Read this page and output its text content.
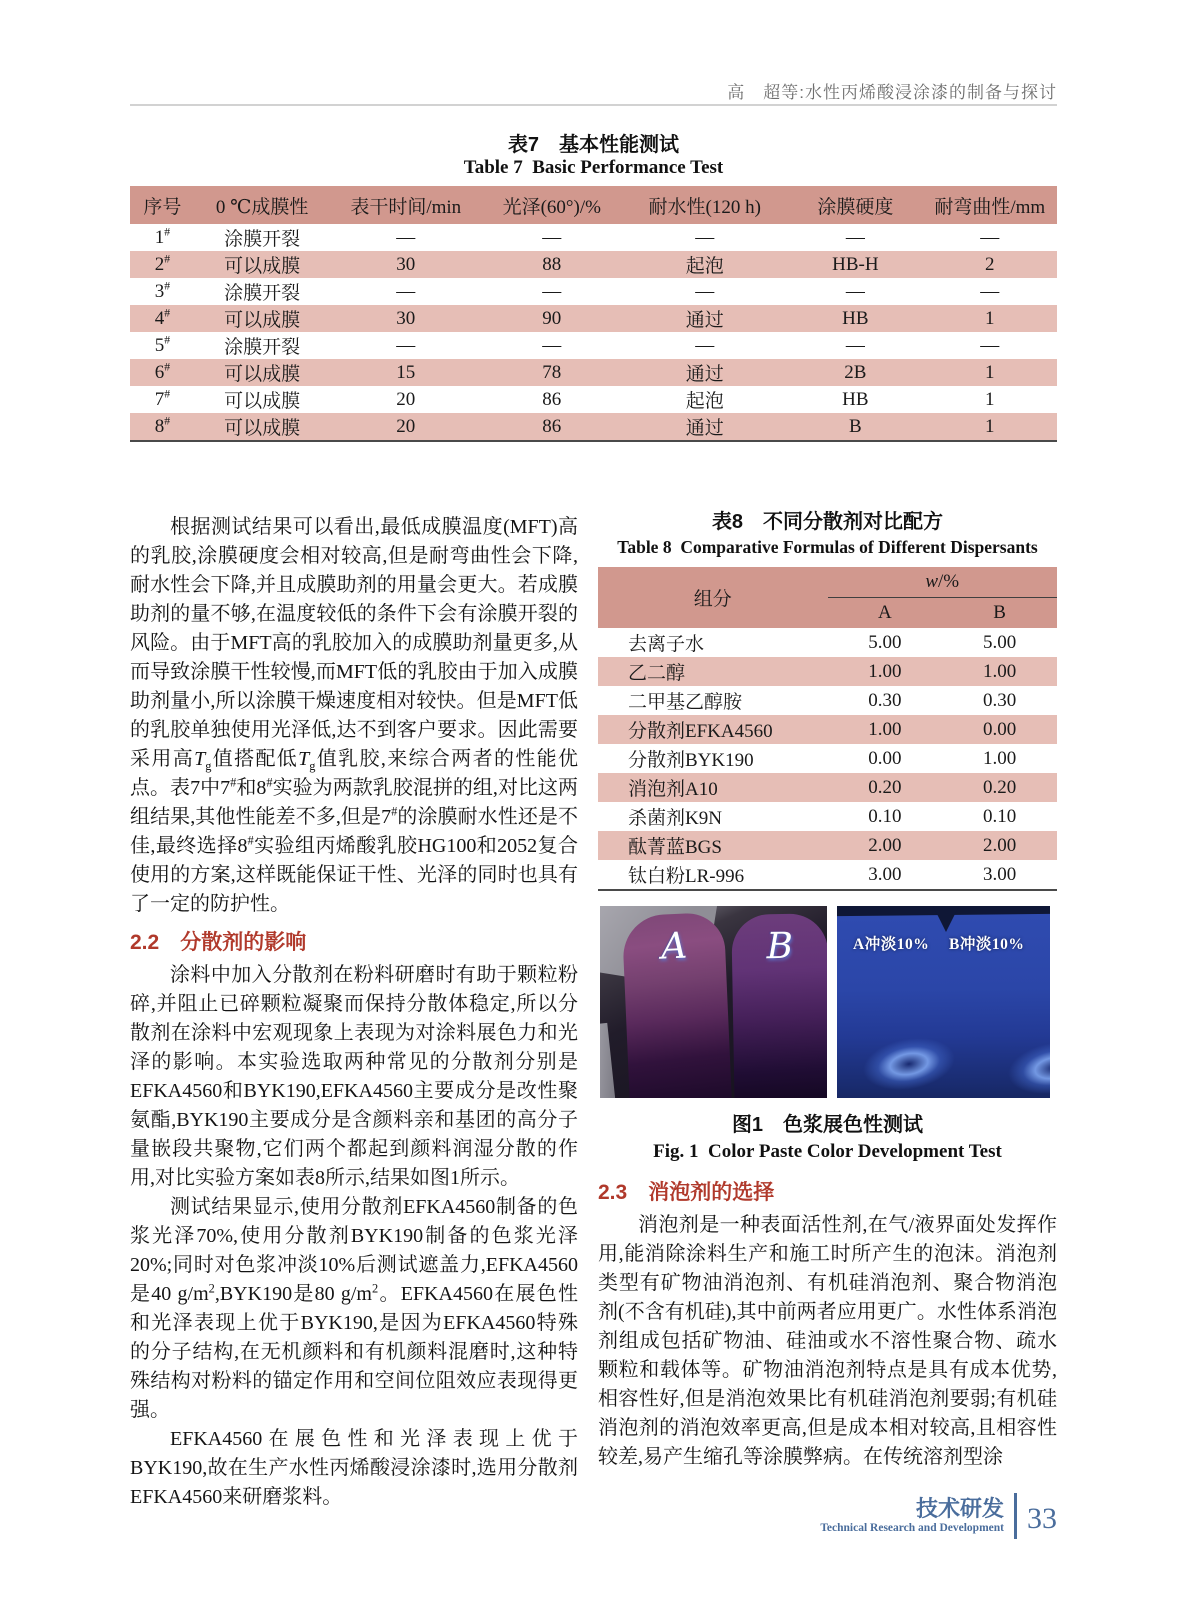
高　超等:水性丙烯酸浸涂漆的制备与探讨
表7　基本性能测试
Table 7  Basic Performance Test
序号	0 ℃成膜性	表干时间/min	光泽(60°)/%	耐水性(120 h)	涂膜硬度	耐弯曲性/mm
1#	涂膜开裂	—	—	—	—	—
2#	可以成膜	30	88	起泡	HB-H	2
3#	涂膜开裂	—	—	—	—	—
4#	可以成膜	30	90	通过	HB	1
5#	涂膜开裂	—	—	—	—	—
6#	可以成膜	15	78	通过	2B	1
7#	可以成膜	20	86	起泡	HB	1
8#	可以成膜	20	86	通过	B	1

根据测试结果可以看出,最低成膜温度(MFT)高的乳胶,涂膜硬度会相对较高,但是耐弯曲性会下降,耐水性会下降,并且成膜助剂的用量会更大。若成膜助剂的量不够,在温度较低的条件下会有涂膜开裂的风险。由于MFT高的乳胶加入的成膜助剂量更多,从而导致涂膜干性较慢,而MFT低的乳胶由于加入成膜助剂量小,所以涂膜干燥速度相对较快。但是MFT低的乳胶单独使用光泽低,达不到客户要求。因此需要采用高$T_g$值搭配低$T_g$值乳胶,来综合两者的性能优点。表7中7#和8#实验为两款乳胶混拼的组,对比这两组结果,其他性能差不多,但是7#的涂膜耐水性还是不佳,最终选择8#实验组丙烯酸乳胶HG100和2052复合使用的方案,这样既能保证干性、光泽的同时也具有了一定的防护性。

2.2　分散剂的影响

涂料中加入分散剂在粉料研磨时有助于颗粒粉碎,并阻止已碎颗粒凝聚而保持分散体稳定,所以分散剂在涂料中宏观现象上表现为对涂料展色力和光泽的影响。本实验选取两种常见的分散剂分别是EFKA4560和BYK190,EFKA4560主要成分是改性聚氨酯,BYK190主要成分是含颜料亲和基团的高分子量嵌段共聚物,它们两个都起到颜料润湿分散的作用,对比实验方案如表8所示,结果如图1所示。

测试结果显示,使用分散剂EFKA4560制备的色浆光泽70%,使用分散剂BYK190制备的色浆光泽20%;同时对色浆冲淡10%后测试遮盖力,EFKA4560是40 $g/m^2,BYK190$是80 $g/m^2$。EFKA4560在展色性和光泽表现上优于BYK190,是因为EFKA4560特殊的分子结构,在无机颜料和有机颜料混磨时,这种特殊结构对粉料的锚定作用和空间位阻效应表现得更强。

EFKA4560在展色性和光泽表现上优于BYK190,故在生产水性丙烯酸浸涂漆时,选用分散剂EFKA4560来研磨浆料。

表8　不同分散剂对比配方
Table 8  Comparative Formulas of Different Dispersants
组分	w/%	
	A	B
去离子水	5.00	5.00
乙二醇	1.00	1.00
二甲基乙醇胺	0.30	0.30
分散剂EFKA4560	1.00	0.00
分散剂BYK190	0.00	1.00
消泡剂A10	0.20	0.20
杀菌剂K9N	0.10	0.10
酞菁蓝BGS	2.00	2.00
钛白粉LR-996	3.00	3.00
A	B	A冲淡10% B冲淡10%
图1　色浆展色性测试
Fig. 1  Color Paste Color Development Test
2.3　消泡剂的选择

消泡剂是一种表面活性剂,在气/液界面处发挥作用,能消除涂料生产和施工时所产生的泡沫。消泡剂类型有矿物油消泡剂、有机硅消泡剂、聚合物消泡剂(不含有机硅),其中前两者应用更广。水性体系消泡剂组成包括矿物油、硅油或水不溶性聚合物、疏水颗粒和载体等。矿物油消泡剂特点是具有成本优势,相容性好,但是消泡效果比有机硅消泡剂要弱;有机硅消泡剂的消泡效率更高,但是成本相对较高,且相容性较差,易产生缩孔等涂膜弊病。在传统溶剂型涂

技术研发
Technical Research and Development 33
